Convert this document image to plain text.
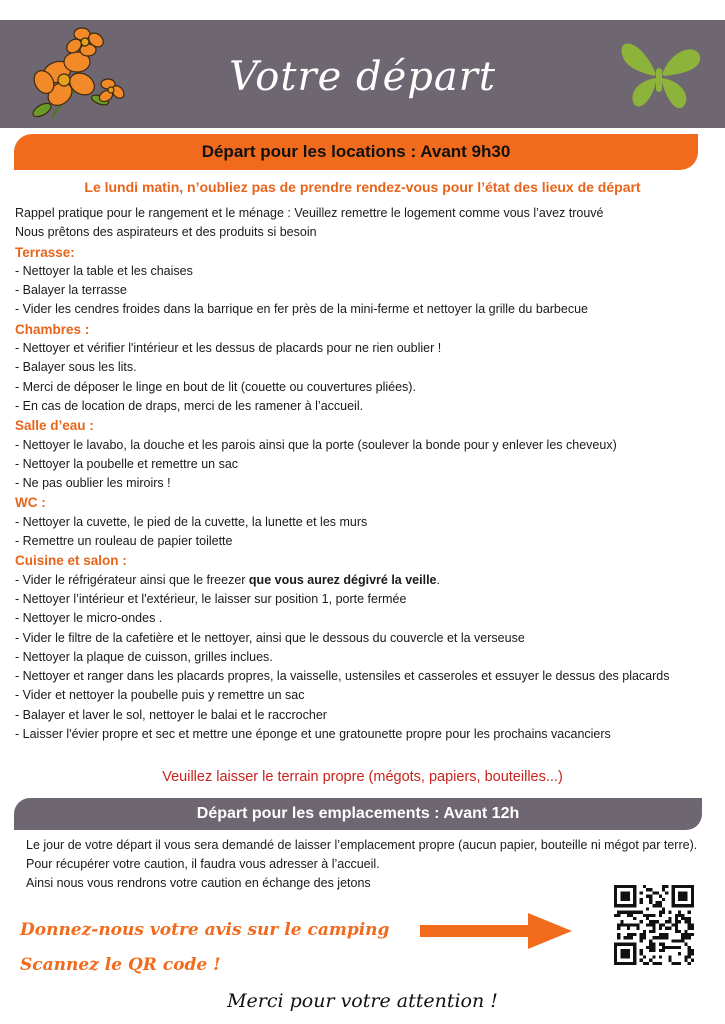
Votre départ
Départ pour les locations : Avant 9h30
Le lundi matin, n’oubliez pas de prendre rendez-vous pour l’état des lieux de départ
Rappel pratique pour le rangement et le ménage : Veuillez remettre le logement comme vous l’avez trouvé
Nous prêtons des aspirateurs et des produits si besoin
Terrasse:
- Nettoyer la table et les chaises
- Balayer la terrasse
- Vider les cendres froides dans la barrique en fer près de la mini-ferme et nettoyer la grille du barbecue
Chambres :
- Nettoyer et vérifier l'intérieur et les dessus de placards pour ne rien oublier !
- Balayer sous les lits.
- Merci de déposer le linge en bout de lit (couette ou couvertures pliées).
- En cas de location de draps, merci de les ramener à l’accueil.
Salle d’eau :
- Nettoyer le lavabo, la douche et les parois ainsi que la porte (soulever la bonde pour y enlever les cheveux)
- Nettoyer la poubelle et remettre un sac
- Ne pas oublier les miroirs !
WC :
- Nettoyer la cuvette, le pied de la cuvette, la lunette et les murs
- Remettre un rouleau de papier toilette
Cuisine et salon :
- Vider le réfrigérateur ainsi que le freezer que vous aurez dégivré la veille.
- Nettoyer l’intérieur et l'extérieur, le laisser sur position 1, porte fermée
- Nettoyer le micro-ondes .
- Vider le filtre de la cafetière et le nettoyer, ainsi que le dessous du couvercle et la verseuse
- Nettoyer la plaque de cuisson, grilles inclues.
- Nettoyer et ranger dans les placards propres, la vaisselle, ustensiles et casseroles et essuyer le dessus des placards
- Vider et nettoyer la poubelle puis y remettre un sac
- Balayer et laver le sol, nettoyer le balai et le raccrocher
- Laisser l'évier propre et sec et mettre une éponge et une gratounette propre pour les prochains vacanciers
Veuillez laisser le terrain propre (mégots, papiers, bouteilles...)
Départ pour les emplacements : Avant 12h
Le jour de votre départ il vous sera demandé de laisser l’emplacement propre (aucun papier, bouteille ni mégot par terre).
Pour récupérer votre caution, il faudra vous adresser à l’accueil.
Ainsi nous vous rendrons votre caution en échange des jetons
Donnez-nous votre avis sur le camping
Scannez le QR code !
Merci pour votre attention !
